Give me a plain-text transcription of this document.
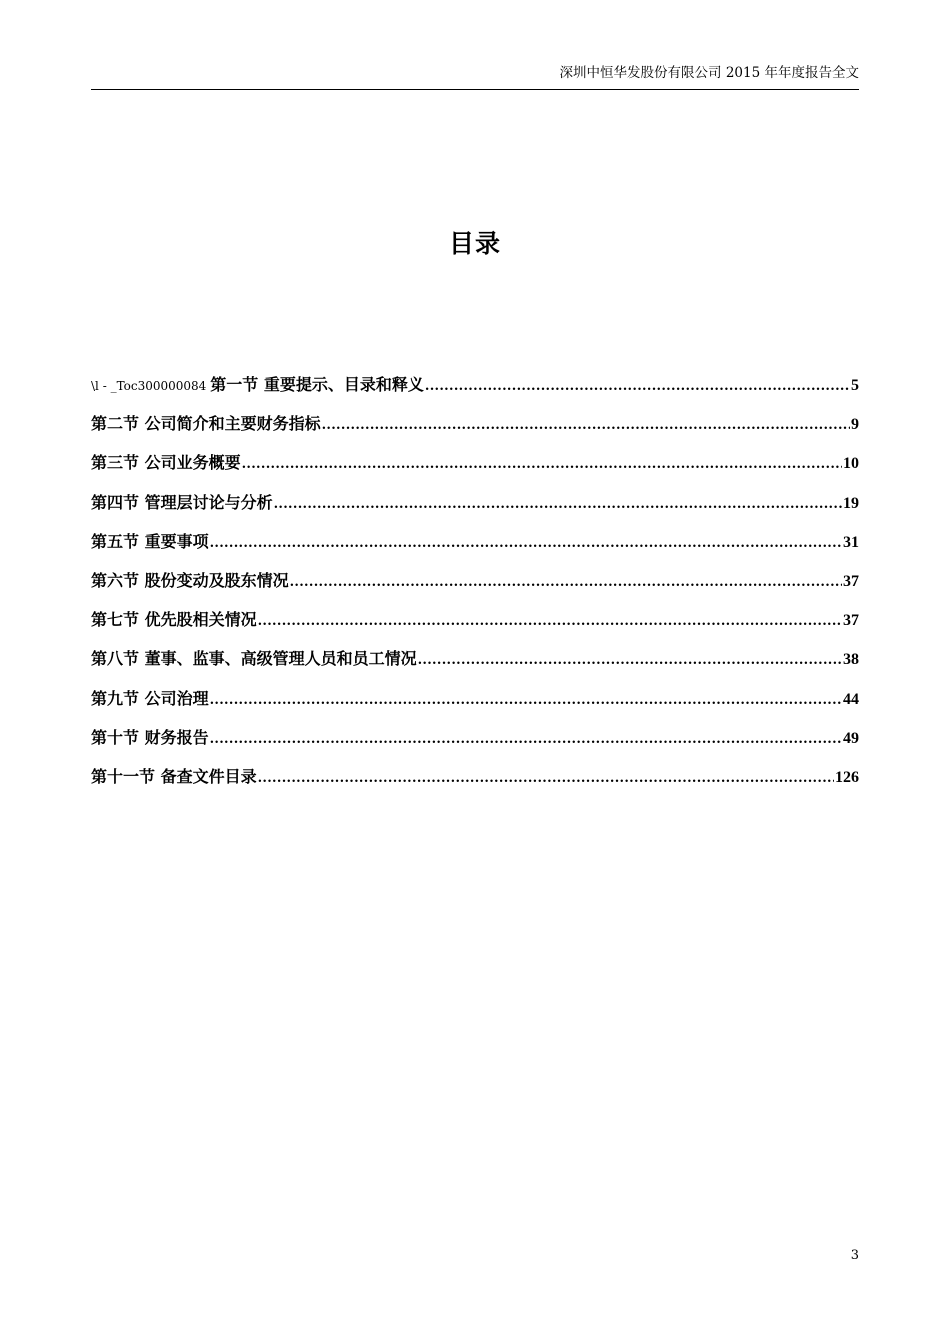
深圳中恒华发股份有限公司 2015 年年度报告全文
目录
\l - _Toc300000084 第一节 重要提示、目录和释义 .....	5
第二节 公司简介和主要财务指标 .....	9
第三节 公司业务概要 .....	10
第四节 管理层讨论与分析 .....	19
第五节 重要事项 .....	31
第六节 股份变动及股东情况 .....	37
第七节 优先股相关情况 .....	37
第八节 董事、监事、高级管理人员和员工情况 .....	38
第九节 公司治理 .....	44
第十节 财务报告 .....	49
第十一节 备查文件目录 .....	126
3
